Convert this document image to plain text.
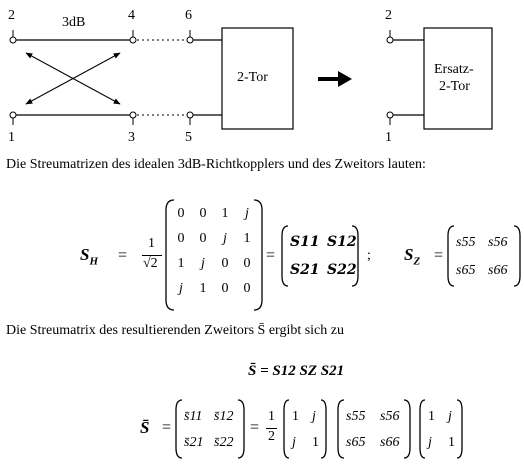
3dB
2	4	6
1	3	5
2-Tor
2
1
Ersatz-
2-Tor
Die Streumatrizen des idealen 3dB-Richtkopplers und des Zweitors lauten:
$S_H$ =
1
√2
0	0	1	j
0	0	j	1
1	j	0	0
j	1	0	0
=
S11 S12
S21 S22
; $S_Z$ =
s55 s56
s65 s66
Die Streumatrix des resultierenden Zweitors S̄ ergibt sich zu
S̄ = S12 SZ S21
S̄ =
s̄11 s̄12
s̄21 s̄22
=
1
2
1 j
j 1
s55 s56
s65 s66
1 j
j 1
